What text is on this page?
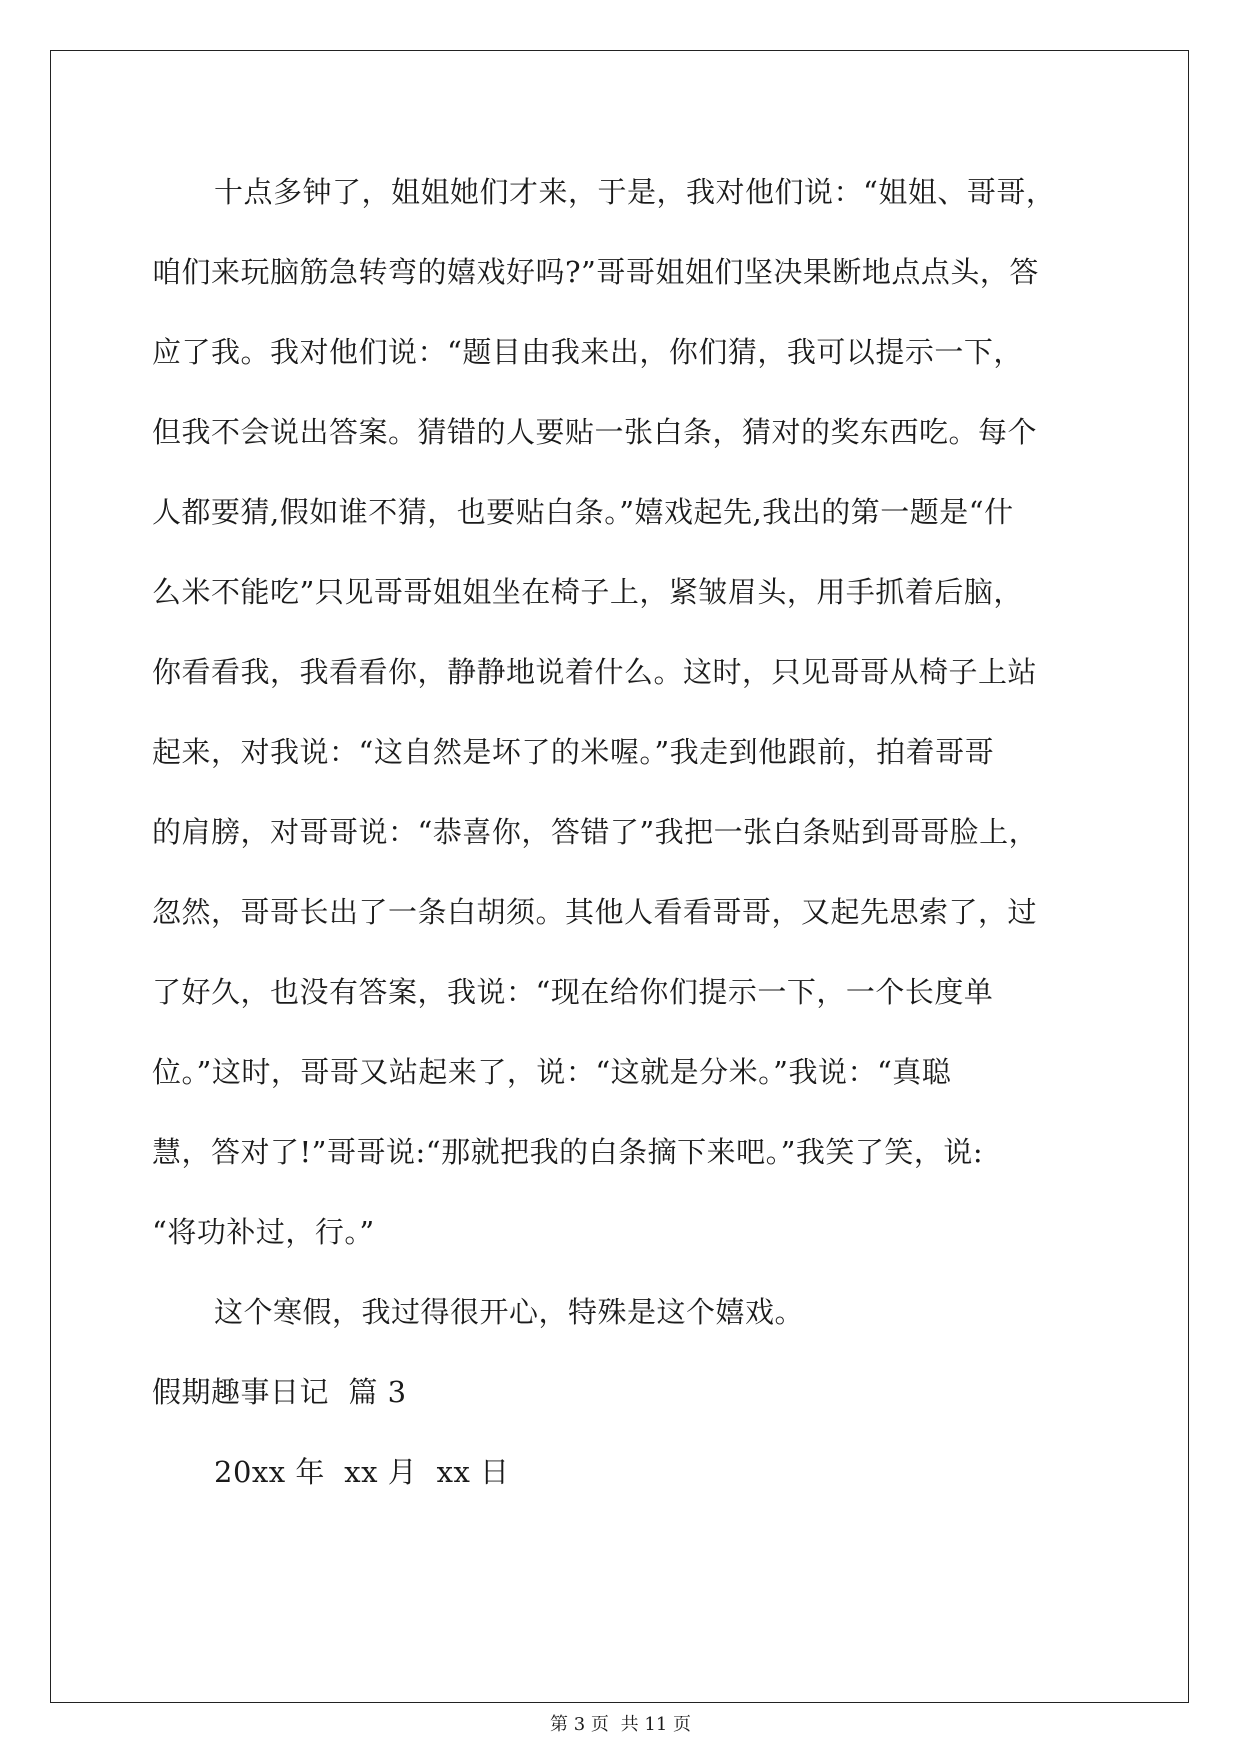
十点多钟了，姐姐她们才来，于是，我对他们说：“姐姐、哥哥，
咱们来玩脑筋急转弯的嬉戏好吗?”哥哥姐姐们坚决果断地点点头，答
应了我。我对他们说：“题目由我来出，你们猜，我可以提示一下，
但我不会说出答案。猜错的人要贴一张白条，猜对的奖东西吃。每个
人都要猜,假如谁不猜，也要贴白条。”嬉戏起先,我出的第一题是“什
么米不能吃”只见哥哥姐姐坐在椅子上，紧皱眉头，用手抓着后脑，
你看看我，我看看你，静静地说着什么。这时，只见哥哥从椅子上站
起来，对我说：“这自然是坏了的米喔。”我走到他跟前，拍着哥哥
的肩膀，对哥哥说：“恭喜你，答错了”我把一张白条贴到哥哥脸上，
忽然，哥哥长出了一条白胡须。其他人看看哥哥，又起先思索了，过
了好久，也没有答案，我说：“现在给你们提示一下，一个长度单
位。”这时，哥哥又站起来了，说：“这就是分米。”我说：“真聪
慧，答对了!”哥哥说:“那就把我的白条摘下来吧。”我笑了笑，说:
“将功补过，行。”
这个寒假，我过得很开心，特殊是这个嬉戏。
假期趣事日记  篇 3
20xx 年  xx 月  xx 日
第 3 页 共 11 页
